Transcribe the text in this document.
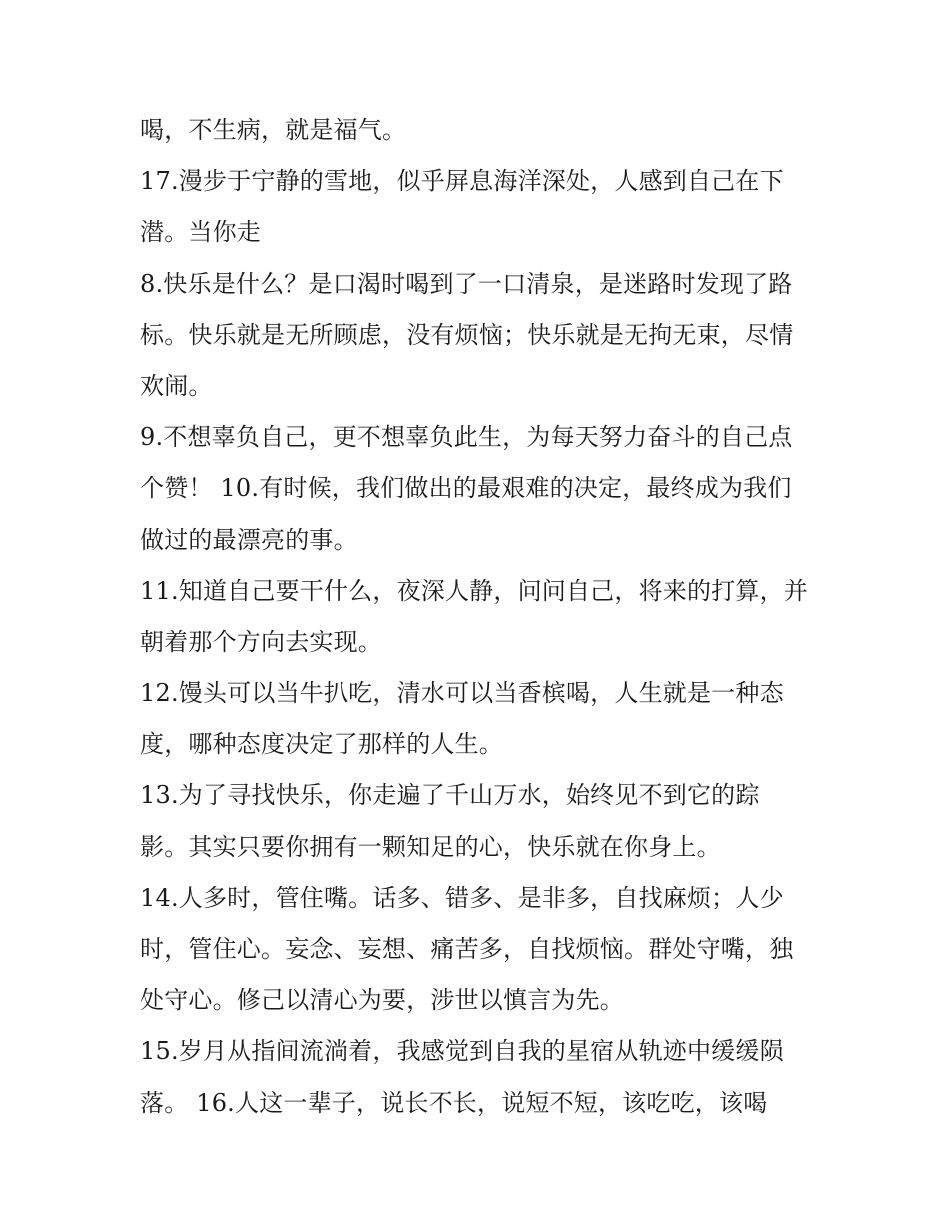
喝，不生病，就是福气。
17.漫步于宁静的雪地，似乎屏息海洋深处，人感到自己在下
潜。当你走
8.快乐是什么？是口渴时喝到了一口清泉，是迷路时发现了路
标。快乐就是无所顾虑，没有烦恼；快乐就是无拘无束，尽情
欢闹。
9.不想辜负自己，更不想辜负此生，为每天努力奋斗的自己点
个赞！ 10.有时候，我们做出的最艰难的决定，最终成为我们
做过的最漂亮的事。
11.知道自己要干什么，夜深人静，问问自己，将来的打算，并
朝着那个方向去实现。
12.馒头可以当牛扒吃，清水可以当香槟喝，人生就是一种态
度，哪种态度决定了那样的人生。
13.为了寻找快乐，你走遍了千山万水，始终见不到它的踪
影。其实只要你拥有一颗知足的心，快乐就在你身上。
14.人多时，管住嘴。话多、错多、是非多，自找麻烦；人少
时，管住心。妄念、妄想、痛苦多，自找烦恼。群处守嘴，独
处守心。修己以清心为要，涉世以慎言为先。
15.岁月从指间流淌着，我感觉到自我的星宿从轨迹中缓缓陨
落。 16.人这一辈子，说长不长，说短不短，该吃吃，该喝
